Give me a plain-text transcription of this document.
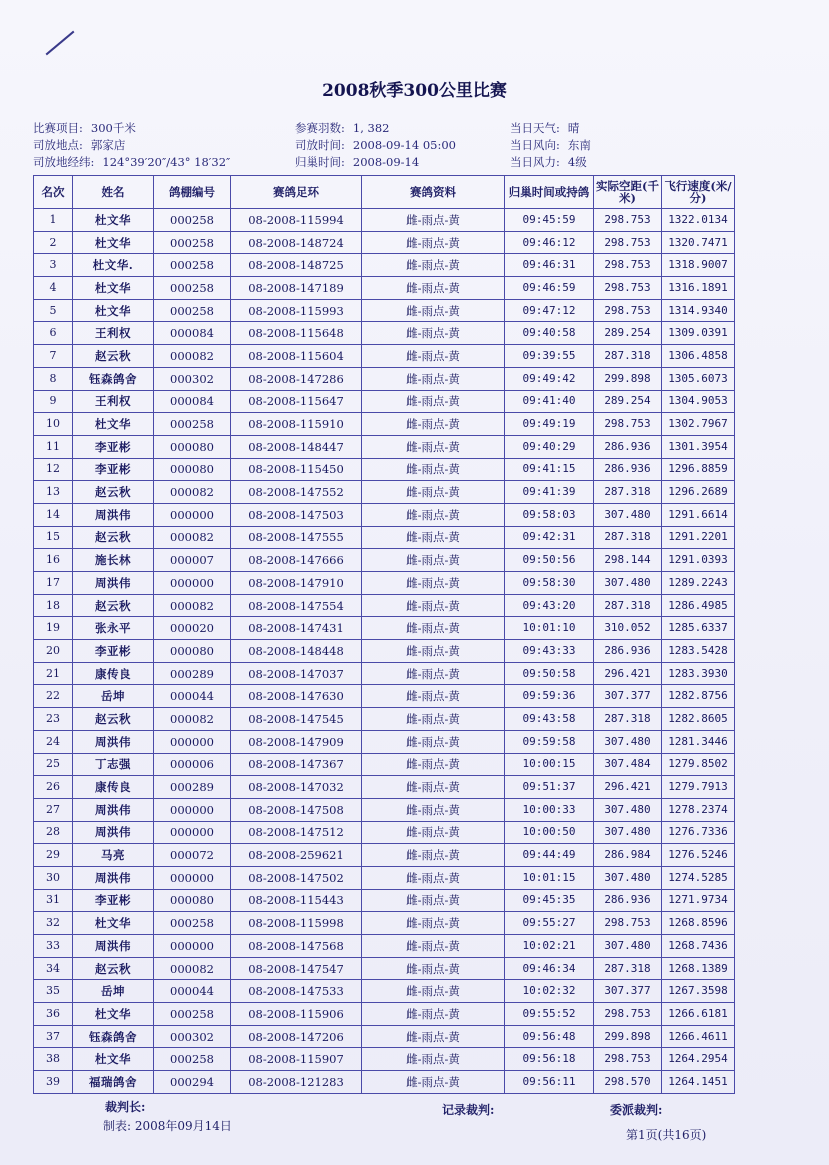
2008秋季300公里比赛
比赛项目: 300千米	参赛羽数: 1, 382	当日天气: 晴
司放地点: 郭家店	司放时间: 2008-09-14 05:00	当日风向: 东南
司放地经纬: 124°39′20″/43° 18′32″	归巢时间: 2008-09-14	当日风力: 4级
名次	姓名	鸽棚编号	赛鸽足环	赛鸽资料	归巢时间或持鸽	实际空距(千米)	飞行速度(米/分)
1	杜文华	000258	08-2008-115994	雌-雨点-黄	09:45:59	298.753	1322.0134
2	杜文华	000258	08-2008-148724	雌-雨点-黄	09:46:12	298.753	1320.7471
3	杜文华.	000258	08-2008-148725	雌-雨点-黄	09:46:31	298.753	1318.9007
4	杜文华	000258	08-2008-147189	雌-雨点-黄	09:46:59	298.753	1316.1891
5	杜文华	000258	08-2008-115993	雌-雨点-黄	09:47:12	298.753	1314.9340
6	王利权	000084	08-2008-115648	雌-雨点-黄	09:40:58	289.254	1309.0391
7	赵云秋	000082	08-2008-115604	雌-雨点-黄	09:39:55	287.318	1306.4858
8	钰森鸽舍	000302	08-2008-147286	雌-雨点-黄	09:49:42	299.898	1305.6073
9	王利权	000084	08-2008-115647	雌-雨点-黄	09:41:40	289.254	1304.9053
10	杜文华	000258	08-2008-115910	雌-雨点-黄	09:49:19	298.753	1302.7967
11	李亚彬	000080	08-2008-148447	雌-雨点-黄	09:40:29	286.936	1301.3954
12	李亚彬	000080	08-2008-115450	雌-雨点-黄	09:41:15	286.936	1296.8859
13	赵云秋	000082	08-2008-147552	雌-雨点-黄	09:41:39	287.318	1296.2689
14	周洪伟	000000	08-2008-147503	雌-雨点-黄	09:58:03	307.480	1291.6614
15	赵云秋	000082	08-2008-147555	雌-雨点-黄	09:42:31	287.318	1291.2201
16	施长林	000007	08-2008-147666	雌-雨点-黄	09:50:56	298.144	1291.0393
17	周洪伟	000000	08-2008-147910	雌-雨点-黄	09:58:30	307.480	1289.2243
18	赵云秋	000082	08-2008-147554	雌-雨点-黄	09:43:20	287.318	1286.4985
19	张永平	000020	08-2008-147431	雌-雨点-黄	10:01:10	310.052	1285.6337
20	李亚彬	000080	08-2008-148448	雌-雨点-黄	09:43:33	286.936	1283.5428
21	康传良	000289	08-2008-147037	雌-雨点-黄	09:50:58	296.421	1283.3930
22	岳坤	000044	08-2008-147630	雌-雨点-黄	09:59:36	307.377	1282.8756
23	赵云秋	000082	08-2008-147545	雌-雨点-黄	09:43:58	287.318	1282.8605
24	周洪伟	000000	08-2008-147909	雌-雨点-黄	09:59:58	307.480	1281.3446
25	丁志强	000006	08-2008-147367	雌-雨点-黄	10:00:15	307.484	1279.8502
26	康传良	000289	08-2008-147032	雌-雨点-黄	09:51:37	296.421	1279.7913
27	周洪伟	000000	08-2008-147508	雌-雨点-黄	10:00:33	307.480	1278.2374
28	周洪伟	000000	08-2008-147512	雌-雨点-黄	10:00:50	307.480	1276.7336
29	马亮	000072	08-2008-259621	雌-雨点-黄	09:44:49	286.984	1276.5246
30	周洪伟	000000	08-2008-147502	雌-雨点-黄	10:01:15	307.480	1274.5285
31	李亚彬	000080	08-2008-115443	雌-雨点-黄	09:45:35	286.936	1271.9734
32	杜文华	000258	08-2008-115998	雌-雨点-黄	09:55:27	298.753	1268.8596
33	周洪伟	000000	08-2008-147568	雌-雨点-黄	10:02:21	307.480	1268.7436
34	赵云秋	000082	08-2008-147547	雌-雨点-黄	09:46:34	287.318	1268.1389
35	岳坤	000044	08-2008-147533	雌-雨点-黄	10:02:32	307.377	1267.3598
36	杜文华	000258	08-2008-115906	雌-雨点-黄	09:55:52	298.753	1266.6181
37	钰森鸽舍	000302	08-2008-147206	雌-雨点-黄	09:56:48	299.898	1266.4611
38	杜文华	000258	08-2008-115907	雌-雨点-黄	09:56:18	298.753	1264.2954
39	福瑞鸽舍	000294	08-2008-121283	雌-雨点-黄	09:56:11	298.570	1264.1451
裁判长:	记录裁判:	委派裁判:
制表: 2008年09月14日
第1页(共16页)
